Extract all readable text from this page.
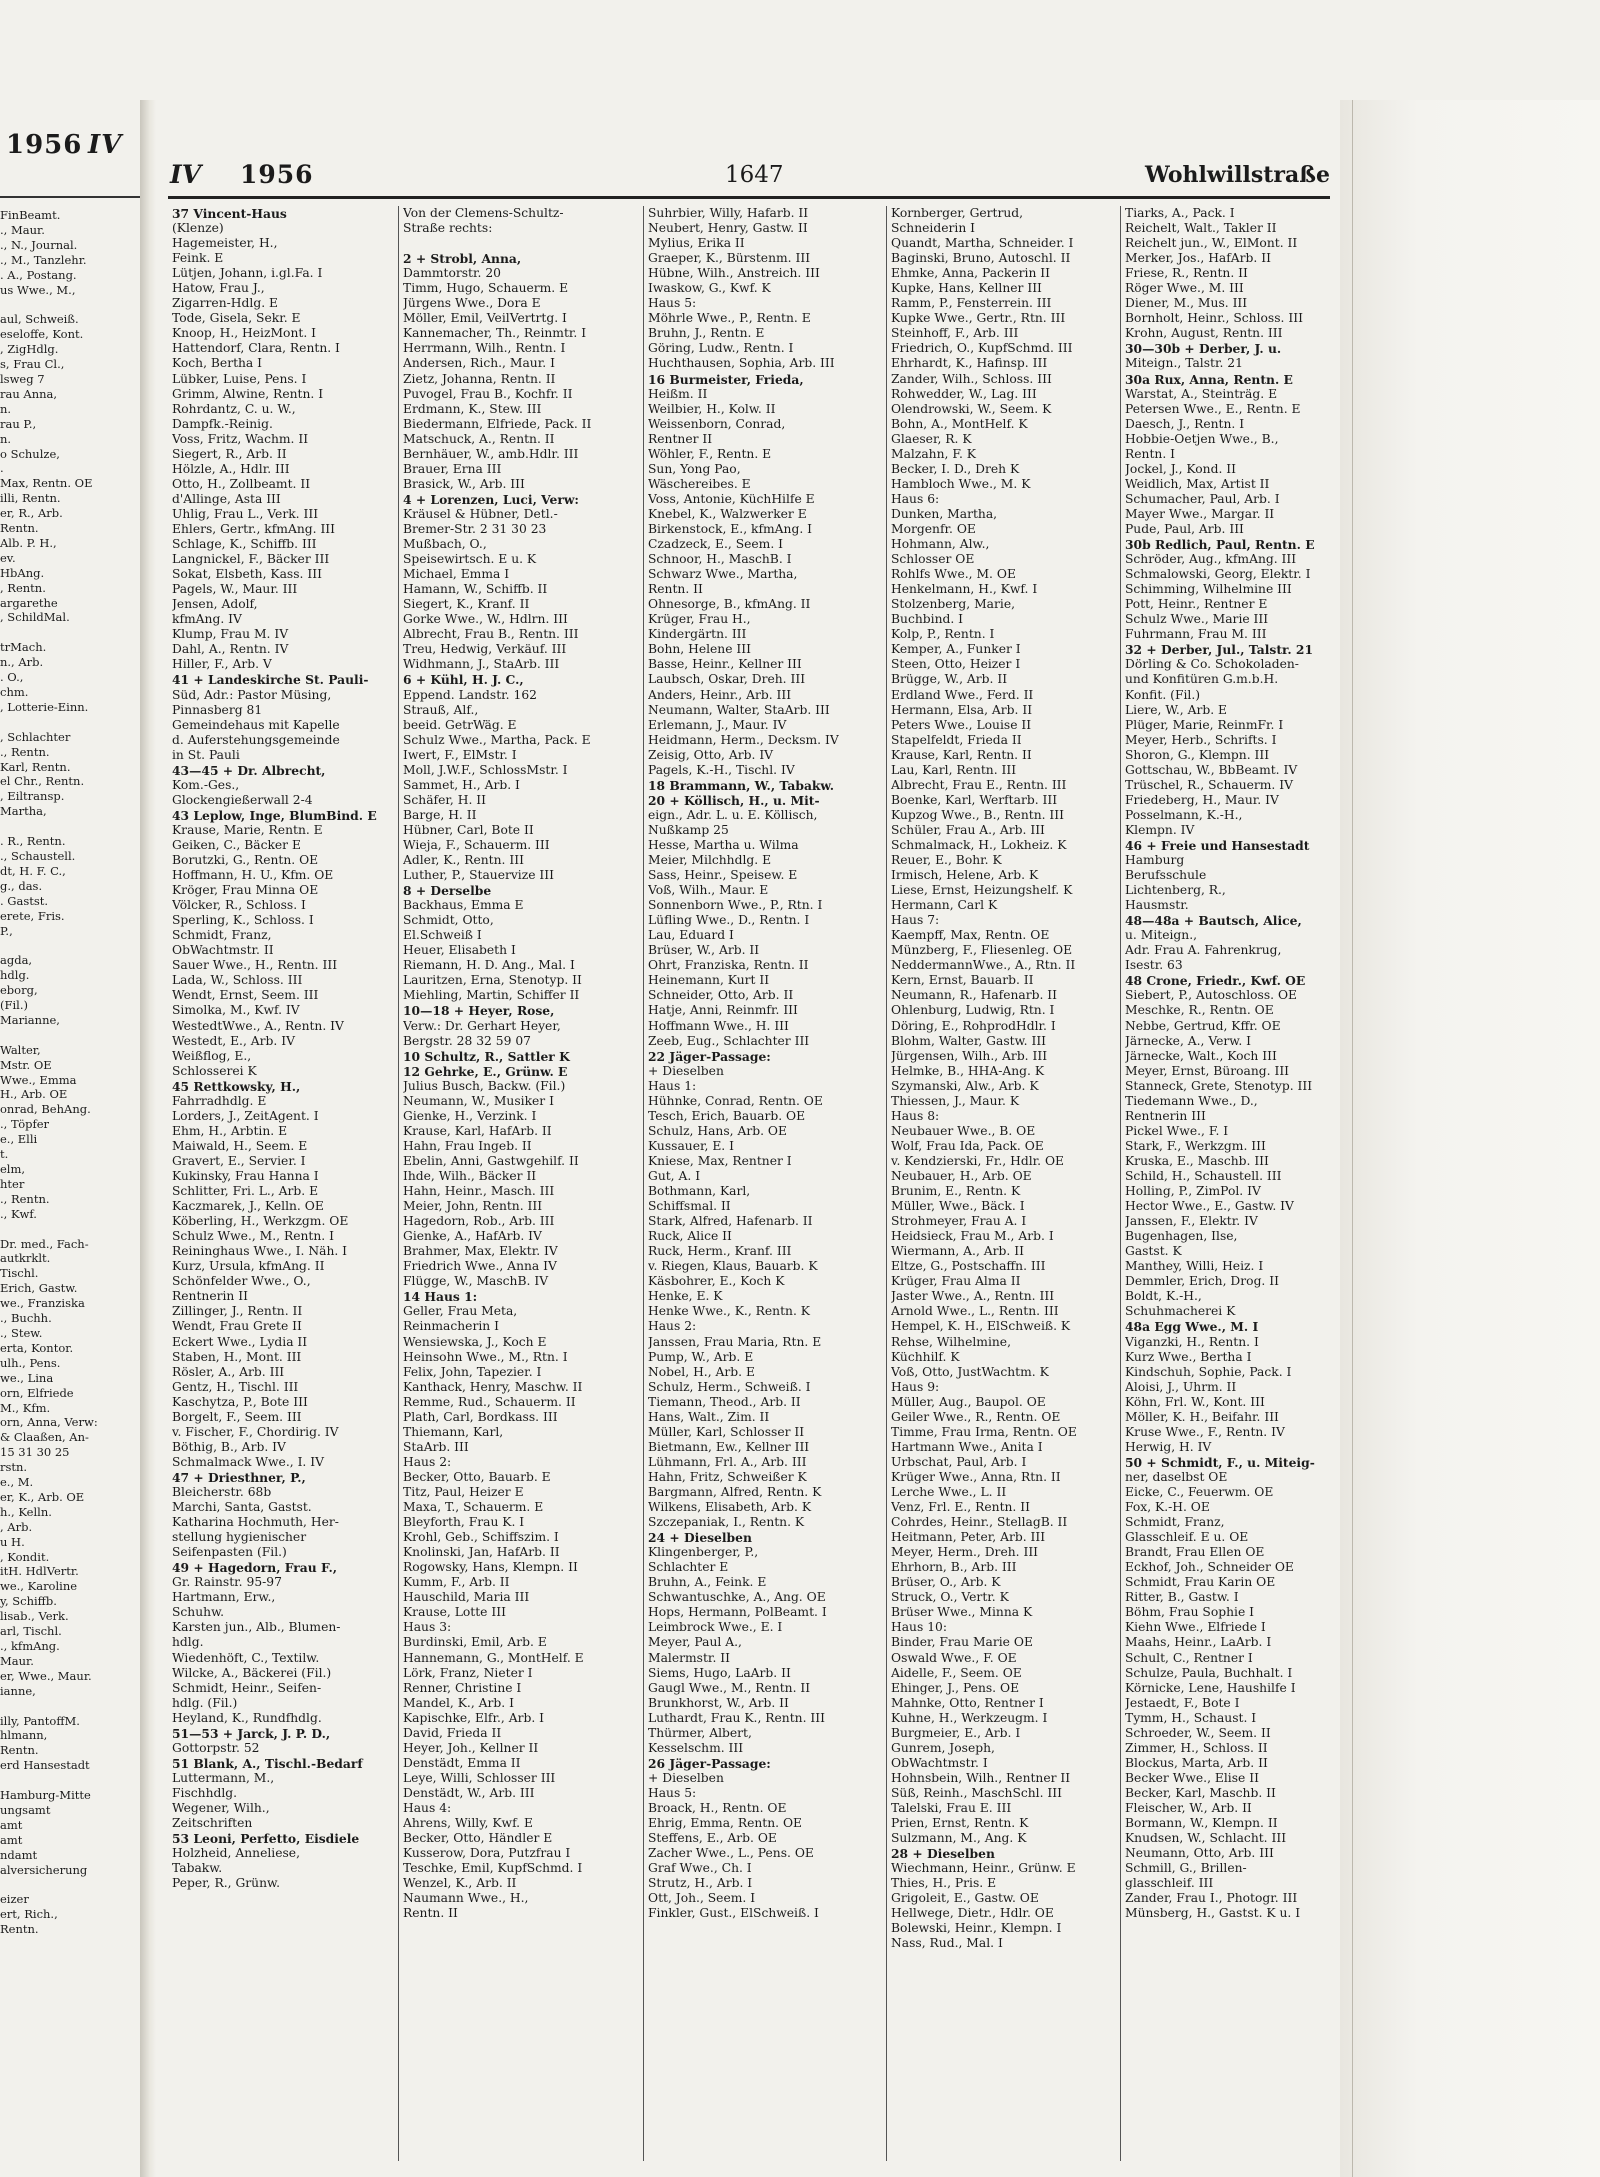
1956 IV
FinBeamt.
., Maur.
., N., Journal.
., M., Tanzlehr.
. A., Postang.
us Wwe., M.,

aul, Schweiß.
eseloffe, Kont.
, ZigHdlg.
s, Frau Cl.,
lsweg 7
rau Anna,
n.
rau P.,
n.
o Schulze,
.
Max, Rentn. OE
illi, Rentn.
er, R., Arb.
Rentn.
Alb. P. H.,
ev.
HbAng.
, Rentn.
argarethe
, SchildMal.

trMach.
n., Arb.
. O.,
chm.
, Lotterie-Einn.

, Schlachter
., Rentn.
Karl, Rentn.
el Chr., Rentn.
, Eiltransp.
Martha,

. R., Rentn.
., Schaustell.
dt, H. F. C.,
g., das.
. Gastst.
erete, Fris.
P.,

agda,
hdlg.
eborg,
(Fil.)
Marianne,

Walter,
Mstr. OE
Wwe., Emma
H., Arb. OE
onrad, BehAng.
., Töpfer
e., Elli
t.
elm,
hter
., Rentn.
., Kwf.

Dr. med., Fach-
autkrklt.
Tischl.
Erich, Gastw.
we., Franziska
., Buchh.
., Stew.
erta, Kontor.
ulh., Pens.
we., Lina
orn, Elfriede
M., Kfm.
orn, Anna, Verw:
& Claaßen, An-
15 31 30 25
rstn.
e., M.
er, K., Arb. OE
h., Kelln.
, Arb.
u H.
, Kondit.
itH. HdlVertr.
we., Karoline
y, Schiffb.
lisab., Verk.
arl, Tischl.
., kfmAng.
Maur.
er, Wwe., Maur.
ianne,

illy, PantoffM.
hlmann,
Rentn.
erd Hansestadt

Hamburg-Mitte
ungsamt
amt
amt
ndamt
alversicherung

eizer
ert, Rich.,
Rentn.
IV 1956	1647	Wohlwillstraße
37 Vincent-Haus
(Klenze)
Hagemeister, H.,
Feink. E
Lütjen, Johann, i.gl.Fa. I
Hatow, Frau J.,
Zigarren-Hdlg. E
Tode, Gisela, Sekr. E
Knoop, H., HeizMont. I
Hattendorf, Clara, Rentn. I
Koch, Bertha I
Lübker, Luise, Pens. I
Grimm, Alwine, Rentn. I
Rohrdantz, C. u. W.,
Dampfk.-Reinig.
Voss, Fritz, Wachm. II
Siegert, R., Arb. II
Hölzle, A., Hdlr. III
Otto, H., Zollbeamt. II
d'Allinge, Asta III
Uhlig, Frau L., Verk. III
Ehlers, Gertr., kfmAng. III
Schlage, K., Schiffb. III
Langnickel, F., Bäcker III
Sokat, Elsbeth, Kass. III
Pagels, W., Maur. III
Jensen, Adolf,
kfmAng. IV
Klump, Frau M. IV
Dahl, A., Rentn. IV
Hiller, F., Arb. V
41 + Landeskirche St. Pauli-
Süd, Adr.: Pastor Müsing,
Pinnasberg 81
Gemeindehaus mit Kapelle
d. Auferstehungsgemeinde
in St. Pauli
43—45 + Dr. Albrecht,
Kom.-Ges.,
Glockengießerwall 2-4
43 Leplow, Inge, BlumBind. E
Krause, Marie, Rentn. E
Geiken, C., Bäcker E
Borutzki, G., Rentn. OE
Hoffmann, H. U., Kfm. OE
Kröger, Frau Minna OE
Völcker, R., Schloss. I
Sperling, K., Schloss. I
Schmidt, Franz,
ObWachtmstr. II
Sauer Wwe., H., Rentn. III
Lada, W., Schloss. III
Wendt, Ernst, Seem. III
Simolka, M., Kwf. IV
WestedtWwe., A., Rentn. IV
Westedt, E., Arb. IV
Weißflog, E.,
Schlosserei K
45 Rettkowsky, H.,
Fahrradhdlg. E
Lorders, J., ZeitAgent. I
Ehm, H., Arbtin. E
Maiwald, H., Seem. E
Gravert, E., Servier. I
Kukinsky, Frau Hanna I
Schlitter, Fri. L., Arb. E
Kaczmarek, J., Kelln. OE
Köberling, H., Werkzgm. OE
Schulz Wwe., M., Rentn. I
Reininghaus Wwe., I. Näh. I
Kurz, Ursula, kfmAng. II
Schönfelder Wwe., O.,
Rentnerin II
Zillinger, J., Rentn. II
Wendt, Frau Grete II
Eckert Wwe., Lydia II
Staben, H., Mont. III
Rösler, A., Arb. III
Gentz, H., Tischl. III
Kaschytza, P., Bote III
Borgelt, F., Seem. III
v. Fischer, F., Chordirig. IV
Böthig, B., Arb. IV
Schmalmack Wwe., I. IV
47 + Driesthner, P.,
Bleicherstr. 68b
Marchi, Santa, Gastst.
Katharina Hochmuth, Her-
stellung hygienischer
Seifenpasten (Fil.)
49 + Hagedorn, Frau F.,
Gr. Rainstr. 95-97
Hartmann, Erw.,
Schuhw.
Karsten jun., Alb., Blumen-
hdlg.
Wiedenhöft, C., Textilw.
Wilcke, A., Bäckerei (Fil.)
Schmidt, Heinr., Seifen-
hdlg. (Fil.)
Heyland, K., Rundfhdlg.
51—53 + Jarck, J. P. D.,
Gottorpstr. 52
51 Blank, A., Tischl.-Bedarf
Luttermann, M.,
Fischhdlg.
Wegener, Wilh.,
Zeitschriften
53 Leoni, Perfetto, Eisdiele
Holzheid, Anneliese,
Tabakw.
Peper, R., Grünw.
Von der Clemens-Schultz-
Straße rechts:

2 + Strobl, Anna,
Dammtorstr. 20
Timm, Hugo, Schauerm. E
Jürgens Wwe., Dora E
Möller, Emil, VeilVertrtg. I
Kannemacher, Th., Reinmtr. I
Herrmann, Wilh., Rentn. I
Andersen, Rich., Maur. I
Zietz, Johanna, Rentn. II
Puvogel, Frau B., Kochfr. II
Erdmann, K., Stew. III
Biedermann, Elfriede, Pack. II
Matschuck, A., Rentn. II
Bernhäuer, W., amb.Hdlr. III
Brauer, Erna III
Brasick, W., Arb. III
4 + Lorenzen, Luci, Verw:
Kräusel & Hübner, Detl.-
Bremer-Str. 2 31 30 23
Mußbach, O.,
Speisewirtsch. E u. K
Michael, Emma I
Hamann, W., Schiffb. II
Siegert, K., Kranf. II
Gorke Wwe., W., Hdlrn. III
Albrecht, Frau B., Rentn. III
Treu, Hedwig, Verkäuf. III
Widhmann, J., StaArb. III
6 + Kühl, H. J. C.,
Eppend. Landstr. 162
Strauß, Alf.,
beeid. GetrWäg. E
Schulz Wwe., Martha, Pack. E
Iwert, F., ElMstr. I
Moll, J.W.F., SchlossMstr. I
Sammet, H., Arb. I
Schäfer, H. II
Barge, H. II
Hübner, Carl, Bote II
Wieja, F., Schauerm. III
Adler, K., Rentn. III
Luther, P., Stauervize III
8 + Derselbe
Backhaus, Emma E
Schmidt, Otto,
El.Schweiß I
Heuer, Elisabeth I
Riemann, H. D. Ang., Mal. I
Lauritzen, Erna, Stenotyp. II
Miehling, Martin, Schiffer II
10—18 + Heyer, Rose,
Verw.: Dr. Gerhart Heyer,
Bergstr. 28 32 59 07
10 Schultz, R., Sattler K
12 Gehrke, E., Grünw. E
Julius Busch, Backw. (Fil.)
Neumann, W., Musiker I
Gienke, H., Verzink. I
Krause, Karl, HafArb. II
Hahn, Frau Ingeb. II
Ebelin, Anni, Gastwgehilf. II
Ihde, Wilh., Bäcker II
Hahn, Heinr., Masch. III
Meier, John, Rentn. III
Hagedorn, Rob., Arb. III
Gienke, A., HafArb. IV
Brahmer, Max, Elektr. IV
Friedrich Wwe., Anna IV
Flügge, W., MaschB. IV
14 Haus 1:
Geller, Frau Meta,
Reinmacherin I
Wensiewska, J., Koch E
Heinsohn Wwe., M., Rtn. I
Felix, John, Tapezier. I
Kanthack, Henry, Maschw. II
Remme, Rud., Schauerm. II
Plath, Carl, Bordkass. III
Thiemann, Karl,
StaArb. III
Haus 2:
Becker, Otto, Bauarb. E
Titz, Paul, Heizer E
Maxa, T., Schauerm. E
Bleyforth, Frau K. I
Krohl, Geb., Schiffszim. I
Knolinski, Jan, HafArb. II
Rogowsky, Hans, Klempn. II
Kumm, F., Arb. II
Hauschild, Maria III
Krause, Lotte III
Haus 3:
Burdinski, Emil, Arb. E
Hannemann, G., MontHelf. E
Lörk, Franz, Nieter I
Renner, Christine I
Mandel, K., Arb. I
Kapischke, Elfr., Arb. I
David, Frieda II
Heyer, Joh., Kellner II
Denstädt, Emma II
Leye, Willi, Schlosser III
Denstädt, W., Arb. III
Haus 4:
Ahrens, Willy, Kwf. E
Becker, Otto, Händler E
Kusserow, Dora, Putzfrau I
Teschke, Emil, KupfSchmd. I
Wenzel, K., Arb. II
Naumann Wwe., H.,
Rentn. II
Suhrbier, Willy, Hafarb. II
Neubert, Henry, Gastw. II
Mylius, Erika II
Graeper, K., Bürstenm. III
Hübne, Wilh., Anstreich. III
Iwaskow, G., Kwf. K
Haus 5:
Möhrle Wwe., P., Rentn. E
Bruhn, J., Rentn. E
Göring, Ludw., Rentn. I
Huchthausen, Sophia, Arb. III
16 Burmeister, Frieda,
Heißm. II
Weilbier, H., Kolw. II
Weissenborn, Conrad,
Rentner II
Wöhler, F., Rentn. E
Sun, Yong Pao,
Wäschereibes. E
Voss, Antonie, KüchHilfe E
Knebel, K., Walzwerker E
Birkenstock, E., kfmAng. I
Czadzeck, E., Seem. I
Schnoor, H., MaschB. I
Schwarz Wwe., Martha,
Rentn. II
Ohnesorge, B., kfmAng. II
Krüger, Frau H.,
Kindergärtn. III
Bohn, Helene III
Basse, Heinr., Kellner III
Laubsch, Oskar, Dreh. III
Anders, Heinr., Arb. III
Neumann, Walter, StaArb. III
Erlemann, J., Maur. IV
Heidmann, Herm., Decksm. IV
Zeisig, Otto, Arb. IV
Pagels, K.-H., Tischl. IV
18 Brammann, W., Tabakw.
20 + Köllisch, H., u. Mit-
eign., Adr. L. u. E. Köllisch,
Nußkamp 25
Hesse, Martha u. Wilma
Meier, Milchhdlg. E
Sass, Heinr., Speisew. E
Voß, Wilh., Maur. E
Sonnenborn Wwe., P., Rtn. I
Lüfling Wwe., D., Rentn. I
Lau, Eduard I
Brüser, W., Arb. II
Ohrt, Franziska, Rentn. II
Heinemann, Kurt II
Schneider, Otto, Arb. II
Hatje, Anni, Reinmfr. III
Hoffmann Wwe., H. III
Zeeb, Eug., Schlachter III
22 Jäger-Passage:
+ Dieselben
Haus 1:
Hühnke, Conrad, Rentn. OE
Tesch, Erich, Bauarb. OE
Schulz, Hans, Arb. OE
Kussauer, E. I
Kniese, Max, Rentner I
Gut, A. I
Bothmann, Karl,
Schiffsmal. II
Stark, Alfred, Hafenarb. II
Ruck, Alice II
Ruck, Herm., Kranf. III
v. Riegen, Klaus, Bauarb. K
Käsbohrer, E., Koch K
Henke, E. K
Henke Wwe., K., Rentn. K
Haus 2:
Janssen, Frau Maria, Rtn. E
Pump, W., Arb. E
Nobel, H., Arb. E
Schulz, Herm., Schweiß. I
Tiemann, Theod., Arb. II
Hans, Walt., Zim. II
Müller, Karl, Schlosser II
Bietmann, Ew., Kellner III
Lühmann, Frl. A., Arb. III
Hahn, Fritz, Schweißer K
Bargmann, Alfred, Rentn. K
Wilkens, Elisabeth, Arb. K
Szczepaniak, I., Rentn. K
24 + Dieselben
Klingenberger, P.,
Schlachter E
Bruhn, A., Feink. E
Schwantuschke, A., Ang. OE
Hops, Hermann, PolBeamt. I
Leimbrock Wwe., E. I
Meyer, Paul A.,
Malermstr. II
Siems, Hugo, LaArb. II
Gaugl Wwe., M., Rentn. II
Brunkhorst, W., Arb. II
Luthardt, Frau K., Rentn. III
Thürmer, Albert,
Kesselschm. III
26 Jäger-Passage:
+ Dieselben
Haus 5:
Broack, H., Rentn. OE
Ehrig, Emma, Rentn. OE
Steffens, E., Arb. OE
Zacher Wwe., L., Pens. OE
Graf Wwe., Ch. I
Strutz, H., Arb. I
Ott, Joh., Seem. I
Finkler, Gust., ElSchweiß. I
Kornberger, Gertrud,
Schneiderin I
Quandt, Martha, Schneider. I
Baginski, Bruno, Autoschl. II
Ehmke, Anna, Packerin II
Kupke, Hans, Kellner III
Ramm, P., Fensterrein. III
Kupke Wwe., Gertr., Rtn. III
Steinhoff, F., Arb. III
Friedrich, O., KupfSchmd. III
Ehrhardt, K., Hafinsp. III
Zander, Wilh., Schloss. III
Rohwedder, W., Lag. III
Olendrowski, W., Seem. K
Bohn, A., MontHelf. K
Glaeser, R. K
Malzahn, F. K
Becker, I. D., Dreh K
Hambloch Wwe., M. K
Haus 6:
Dunken, Martha,
Morgenfr. OE
Hohmann, Alw.,
Schlosser OE
Rohlfs Wwe., M. OE
Henkelmann, H., Kwf. I
Stolzenberg, Marie,
Buchbind. I
Kolp, P., Rentn. I
Kemper, A., Funker I
Steen, Otto, Heizer I
Brügge, W., Arb. II
Erdland Wwe., Ferd. II
Hermann, Elsa, Arb. II
Peters Wwe., Louise II
Stapelfeldt, Frieda II
Krause, Karl, Rentn. II
Lau, Karl, Rentn. III
Albrecht, Frau E., Rentn. III
Boenke, Karl, Werftarb. III
Kupzog Wwe., B., Rentn. III
Schüler, Frau A., Arb. III
Schmalmack, H., Lokheiz. K
Reuer, E., Bohr. K
Irmisch, Helene, Arb. K
Liese, Ernst, Heizungshelf. K
Hermann, Carl K
Haus 7:
Kaempff, Max, Rentn. OE
Münzberg, F., Fliesenleg. OE
NeddermannWwe., A., Rtn. II
Kern, Ernst, Bauarb. II
Neumann, R., Hafenarb. II
Ohlenburg, Ludwig, Rtn. I
Döring, E., RohprodHdlr. I
Blohm, Walter, Gastw. III
Jürgensen, Wilh., Arb. III
Helmke, B., HHA-Ang. K
Szymanski, Alw., Arb. K
Thiessen, J., Maur. K
Haus 8:
Neubauer Wwe., B. OE
Wolf, Frau Ida, Pack. OE
v. Kendzierski, Fr., Hdlr. OE
Neubauer, H., Arb. OE
Brunim, E., Rentn. K
Müller, Wwe., Bäck. I
Strohmeyer, Frau A. I
Heidsieck, Frau M., Arb. I
Wiermann, A., Arb. II
Eltze, G., Postschaffn. III
Krüger, Frau Alma II
Jaster Wwe., A., Rentn. III
Arnold Wwe., L., Rentn. III
Hempel, K. H., ElSchweiß. K
Rehse, Wilhelmine,
Küchhilf. K
Voß, Otto, JustWachtm. K
Haus 9:
Müller, Aug., Baupol. OE
Geiler Wwe., R., Rentn. OE
Timme, Frau Irma, Rentn. OE
Hartmann Wwe., Anita I
Urbschat, Paul, Arb. I
Krüger Wwe., Anna, Rtn. II
Lerche Wwe., L. II
Venz, Frl. E., Rentn. II
Cohrdes, Heinr., StellagB. II
Heitmann, Peter, Arb. III
Meyer, Herm., Dreh. III
Ehrhorn, B., Arb. III
Brüser, O., Arb. K
Struck, O., Vertr. K
Brüser Wwe., Minna K
Haus 10:
Binder, Frau Marie OE
Oswald Wwe., F. OE
Aidelle, F., Seem. OE
Ehinger, J., Pens. OE
Mahnke, Otto, Rentner I
Kuhne, H., Werkzeugm. I
Burgmeier, E., Arb. I
Gunrem, Joseph,
ObWachtmstr. I
Hohnsbein, Wilh., Rentner II
Süß, Reinh., MaschSchl. III
Talelski, Frau E. III
Prien, Ernst, Rentn. K
Sulzmann, M., Ang. K
28 + Dieselben
Wiechmann, Heinr., Grünw. E
Thies, H., Pris. E
Grigoleit, E., Gastw. OE
Hellwege, Dietr., Hdlr. OE
Bolewski, Heinr., Klempn. I
Nass, Rud., Mal. I
Tiarks, A., Pack. I
Reichelt, Walt., Takler II
Reichelt jun., W., ElMont. II
Merker, Jos., HafArb. II
Friese, R., Rentn. II
Röger Wwe., M. III
Diener, M., Mus. III
Bornholt, Heinr., Schloss. III
Krohn, August, Rentn. III
30—30b + Derber, J. u.
Miteign., Talstr. 21
30a Rux, Anna, Rentn. E
Warstat, A., Steinträg. E
Petersen Wwe., E., Rentn. E
Daesch, J., Rentn. I
Hobbie-Oetjen Wwe., B.,
Rentn. I
Jockel, J., Kond. II
Weidlich, Max, Artist II
Schumacher, Paul, Arb. I
Mayer Wwe., Margar. II
Pude, Paul, Arb. III
30b Redlich, Paul, Rentn. E
Schröder, Aug., kfmAng. III
Schmalowski, Georg, Elektr. I
Schimming, Wilhelmine III
Pott, Heinr., Rentner E
Schulz Wwe., Marie III
Fuhrmann, Frau M. III
32 + Derber, Jul., Talstr. 21
Dörling & Co. Schokoladen-
und Konfitüren G.m.b.H.
Konfit. (Fil.)
Liere, W., Arb. E
Plüger, Marie, ReinmFr. I
Meyer, Herb., Schrifts. I
Shoron, G., Klempn. III
Gottschau, W., BbBeamt. IV
Trüschel, R., Schauerm. IV
Friedeberg, H., Maur. IV
Posselmann, K.-H.,
Klempn. IV
46 + Freie und Hansestadt
Hamburg
Berufsschule
Lichtenberg, R.,
Hausmstr.
48—48a + Bautsch, Alice,
u. Miteign.,
Adr. Frau A. Fahrenkrug,
Isestr. 63
48 Crone, Friedr., Kwf. OE
Siebert, P., Autoschloss. OE
Meschke, R., Rentn. OE
Nebbe, Gertrud, Kffr. OE
Järnecke, A., Verw. I
Järnecke, Walt., Koch III
Meyer, Ernst, Büroang. III
Stanneck, Grete, Stenotyp. III
Tiedemann Wwe., D.,
Rentnerin III
Pickel Wwe., F. I
Stark, F., Werkzgm. III
Kruska, E., Maschb. III
Schild, H., Schaustell. III
Holling, P., ZimPol. IV
Hector Wwe., E., Gastw. IV
Janssen, F., Elektr. IV
Bugenhagen, Ilse,
Gastst. K
Manthey, Willi, Heiz. I
Demmler, Erich, Drog. II
Boldt, K.-H.,
Schuhmacherei K
48a Egg Wwe., M. I
Viganzki, H., Rentn. I
Kurz Wwe., Bertha I
Kindschuh, Sophie, Pack. I
Aloisi, J., Uhrm. II
Köhn, Frl. W., Kont. III
Möller, K. H., Beifahr. III
Kruse Wwe., F., Rentn. IV
Herwig, H. IV
50 + Schmidt, F., u. Miteig-
ner, daselbst OE
Eicke, C., Feuerwm. OE
Fox, K.-H. OE
Schmidt, Franz,
Glasschleif. E u. OE
Brandt, Frau Ellen OE
Eckhof, Joh., Schneider OE
Schmidt, Frau Karin OE
Ritter, B., Gastw. I
Böhm, Frau Sophie I
Kiehn Wwe., Elfriede I
Maahs, Heinr., LaArb. I
Schult, C., Rentner I
Schulze, Paula, Buchhalt. I
Körnicke, Lene, Haushilfe I
Jestaedt, F., Bote I
Tymm, H., Schaust. I
Schroeder, W., Seem. II
Zimmer, H., Schloss. II
Blockus, Marta, Arb. II
Becker Wwe., Elise II
Becker, Karl, Maschb. II
Fleischer, W., Arb. II
Bormann, W., Klempn. II
Knudsen, W., Schlacht. III
Neumann, Otto, Arb. III
Schmill, G., Brillen-
glasschleif. III
Zander, Frau I., Photogr. III
Münsberg, H., Gastst. K u. I
